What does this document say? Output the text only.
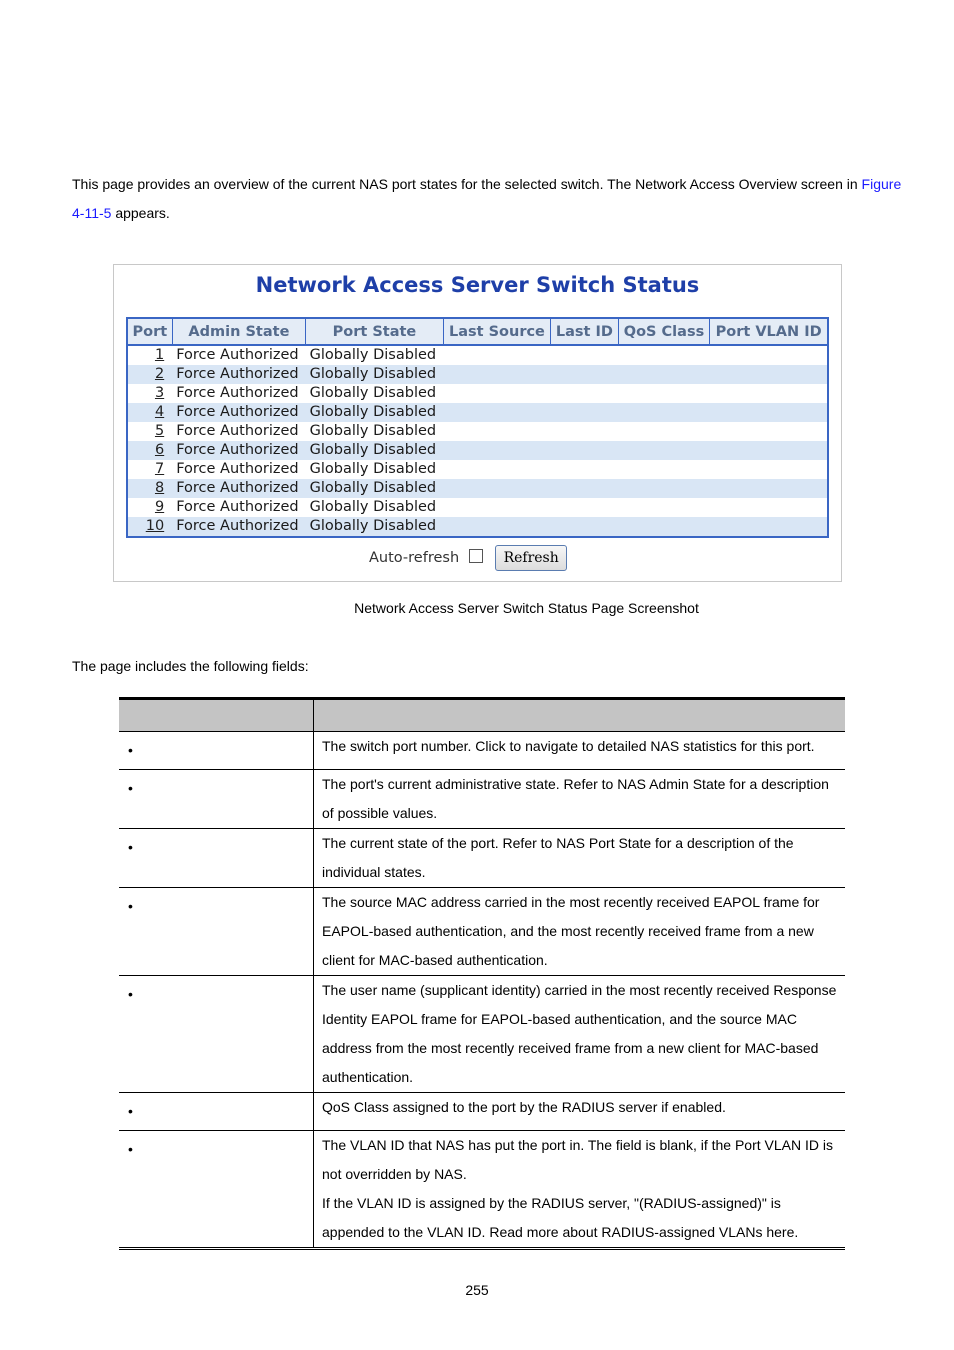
This page provides an overview of the current NAS port states for the selected switch. The Network Access Overview screen in Figure 4-11-5 appears.

Network Access Server Switch Status
Port	Admin State	Port State	Last Source	Last ID	QoS Class	Port VLAN ID
1	Force Authorized	Globally Disabled				
2	Force Authorized	Globally Disabled				
3	Force Authorized	Globally Disabled				
4	Force Authorized	Globally Disabled				
5	Force Authorized	Globally Disabled				
6	Force Authorized	Globally Disabled				
7	Force Authorized	Globally Disabled				
8	Force Authorized	Globally Disabled				
9	Force Authorized	Globally Disabled				
10	Force Authorized	Globally Disabled				
Auto-refresh	Refresh
Network Access Server Switch Status Page Screenshot
The page includes the following fields:

•	The switch port number. Click to navigate to detailed NAS statistics for this port.

•	The port's current administrative state. Refer to NAS Admin State for a description of possible values.

•	The current state of the port. Refer to NAS Port State for a description of the individual states.

•	The source MAC address carried in the most recently received EAPOL frame for EAPOL-based authentication, and the most recently received frame from a new client for MAC-based authentication.

•	The user name (supplicant identity) carried in the most recently received Response Identity EAPOL frame for EAPOL-based authentication, and the source MAC address from the most recently received frame from a new client for MAC-based authentication.

•	QoS Class assigned to the port by the RADIUS server if enabled.

•	The VLAN ID that NAS has put the port in. The field is blank, if the Port VLAN ID is not overridden by NAS.

If the VLAN ID is assigned by the RADIUS server, "(RADIUS-assigned)" is appended to the VLAN ID. Read more about RADIUS-assigned VLANs here.

255
